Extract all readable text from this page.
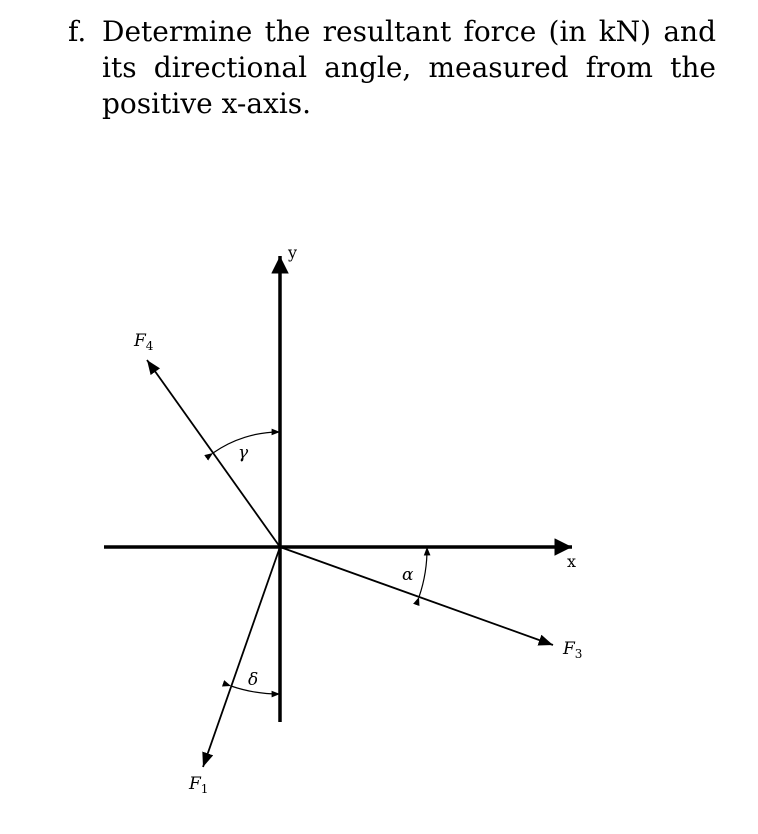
f. Determine the resultant force (in kN) and its directional angle, measured from the positive x-axis.
x
y
$F_4$
$F_3$
$F_1$
γ
α
δ
